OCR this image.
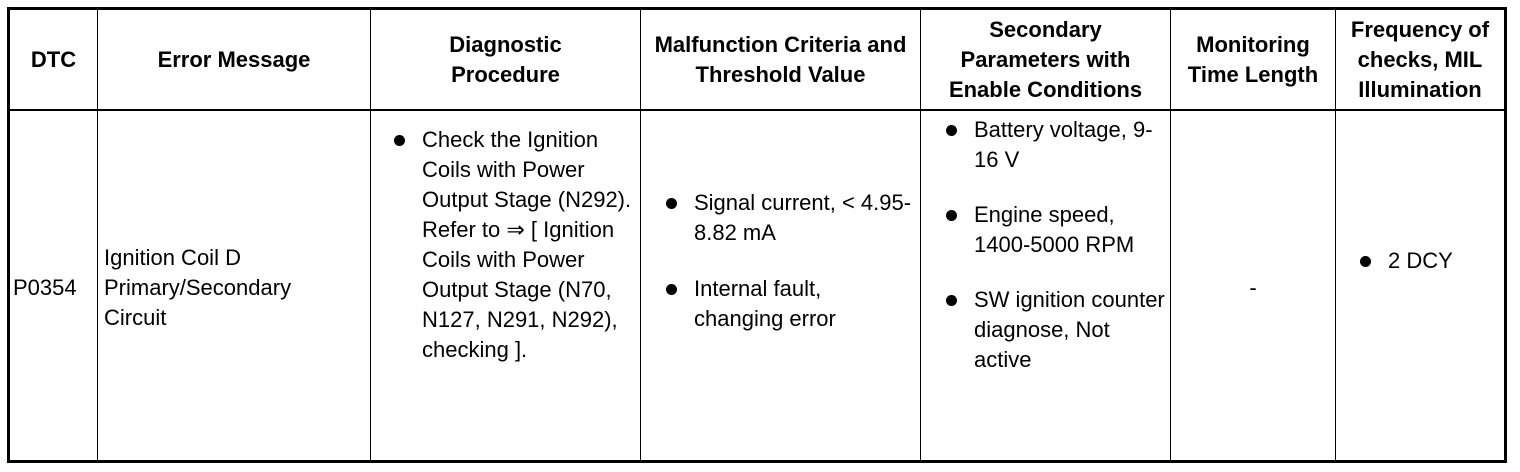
DTC	Error Message
Diagnostic Procedure
Malfunction Criteria and Threshold Value
Secondary Parameters with Enable Conditions
Monitoring Time Length
Frequency of checks, MIL Illumination
P0354
Ignition Coil D Primary/Secondary Circuit
Check the Ignition Coils with Power Output Stage (N292). Refer to ⇒ [ Ignition Coils with Power Output Stage (N70, N127, N291, N292), checking ].
Signal current, < 4.95-8.82 mA
Internal fault, changing error
Battery voltage, 9-16 V
Engine speed, 1400-5000 RPM
SW ignition counter diagnose, Not active
-
2 DCY
